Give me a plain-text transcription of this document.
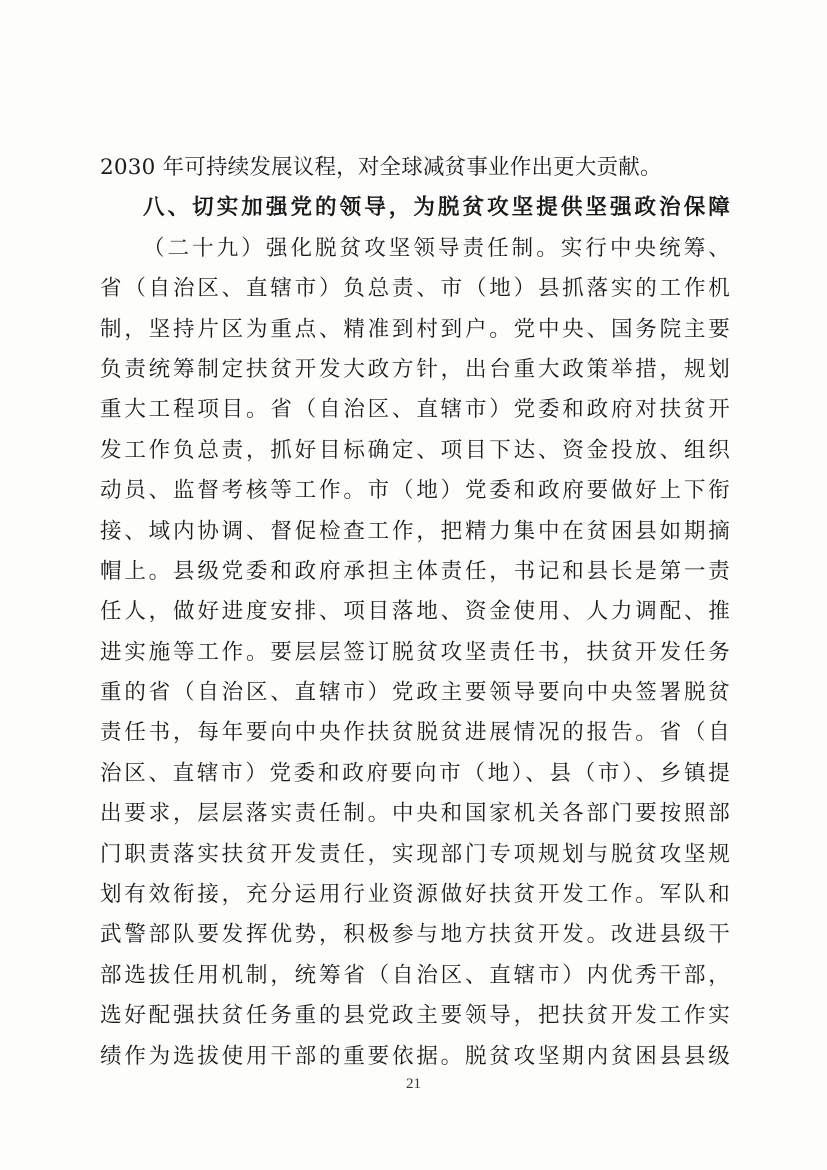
2030 年可持续发展议程，对全球减贫事业作出更大贡献。
八、切实加强党的领导，为脱贫攻坚提供坚强政治保障
（二十九）强化脱贫攻坚领导责任制。实行中央统筹、
省（自治区、直辖市）负总责、市（地）县抓落实的工作机
制，坚持片区为重点、精准到村到户。党中央、国务院主要
负责统筹制定扶贫开发大政方针，出台重大政策举措，规划
重大工程项目。省（自治区、直辖市）党委和政府对扶贫开
发工作负总责，抓好目标确定、项目下达、资金投放、组织
动员、监督考核等工作。市（地）党委和政府要做好上下衔
接、域内协调、督促检查工作，把精力集中在贫困县如期摘
帽上。县级党委和政府承担主体责任，书记和县长是第一责
任人，做好进度安排、项目落地、资金使用、人力调配、推
进实施等工作。要层层签订脱贫攻坚责任书，扶贫开发任务
重的省（自治区、直辖市）党政主要领导要向中央签署脱贫
责任书，每年要向中央作扶贫脱贫进展情况的报告。省（自
治区、直辖市）党委和政府要向市（地）、县（市）、乡镇提
出要求，层层落实责任制。中央和国家机关各部门要按照部
门职责落实扶贫开发责任，实现部门专项规划与脱贫攻坚规
划有效衔接，充分运用行业资源做好扶贫开发工作。军队和
武警部队要发挥优势，积极参与地方扶贫开发。改进县级干
部选拔任用机制，统筹省（自治区、直辖市）内优秀干部，
选好配强扶贫任务重的县党政主要领导，把扶贫开发工作实
绩作为选拔使用干部的重要依据。脱贫攻坚期内贫困县县级
21
